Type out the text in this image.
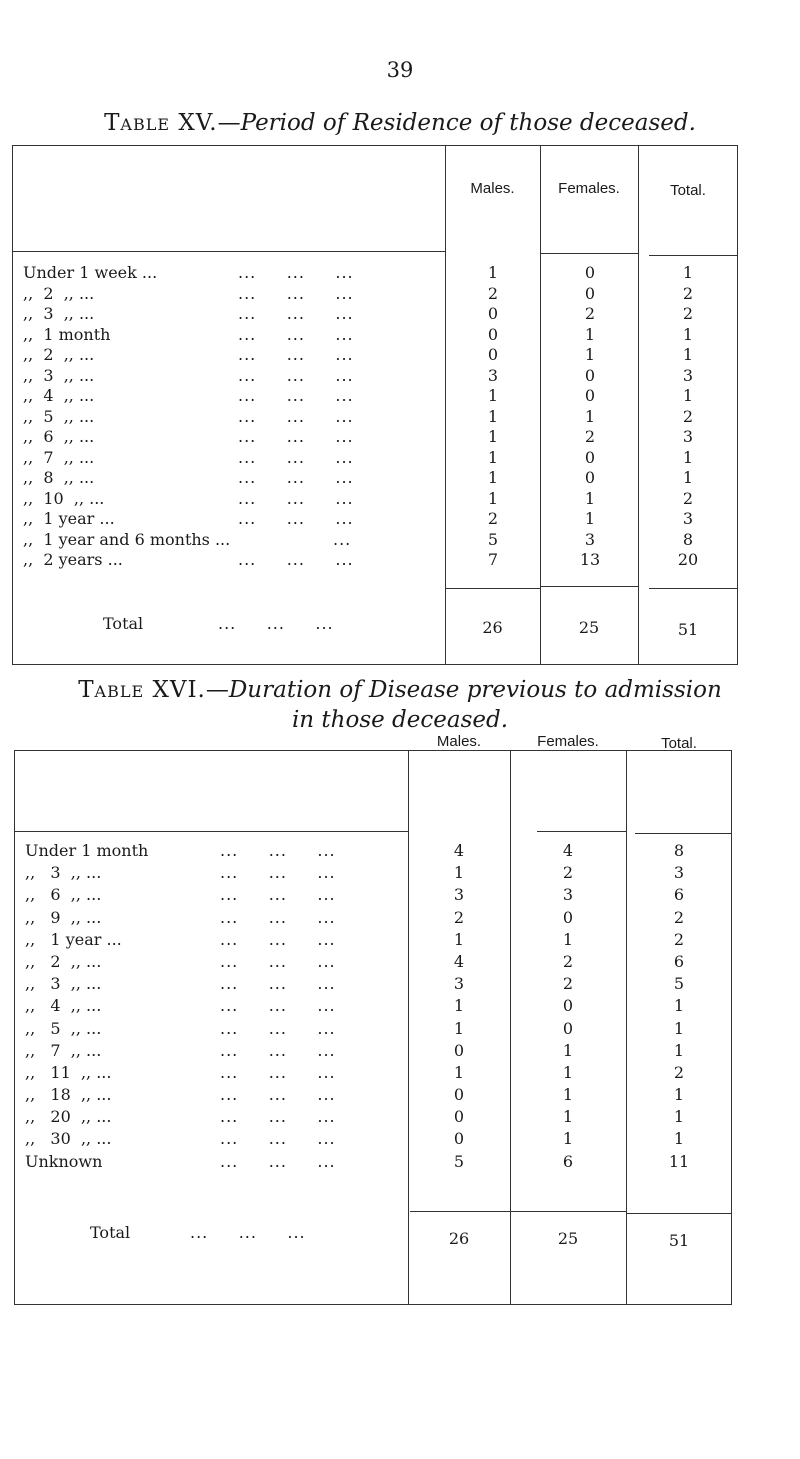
39
Table XV.—Period of Residence of those deceased.
Males.	Females.	Total.
Under 1 week ...	...     ...     ...	1	0	1
,,  2  ,, ...	...     ...     ...	2	0	2
,,  3  ,, ...	...     ...     ...	0	2	2
,,  1 month	...     ...     ...	0	1	1
,,  2  ,, ...	...     ...     ...	0	1	1
,,  3  ,, ...	...     ...     ...	3	0	3
,,  4  ,, ...	...     ...     ...	1	0	1
,,  5  ,, ...	...     ...     ...	1	1	2
,,  6  ,, ...	...     ...     ...	1	2	3
,,  7  ,, ...	...     ...     ...	1	0	1
,,  8  ,, ...	...     ...     ...	1	0	1
,,  10  ,, ...	...     ...     ...	1	1	2
,,  1 year ...	...     ...     ...	2	1	3
,,  1 year and 6 months ...	...	5	3	8
,,  2 years ...	...     ...     ...	7	13	20
Total	...     ...     ...	26	25	51
Table XVI.—Duration of Disease previous to admission
in those deceased.
Males.	Females.	Total.
Under 1 month	...     ...     ...	4	4	8
,,   3  ,, ...	...     ...     ...	1	2	3
,,   6  ,, ...	...     ...     ...	3	3	6
,,   9  ,, ...	...     ...     ...	2	0	2
,,   1 year ...	...     ...     ...	1	1	2
,,   2  ,, ...	...     ...     ...	4	2	6
,,   3  ,, ...	...     ...     ...	3	2	5
,,   4  ,, ...	...     ...     ...	1	0	1
,,   5  ,, ...	...     ...     ...	1	0	1
,,   7  ,, ...	...     ...     ...	0	1	1
,,   11  ,, ...	...     ...     ...	1	1	2
,,   18  ,, ...	...     ...     ...	0	1	1
,,   20  ,, ...	...     ...     ...	0	1	1
,,   30  ,, ...	...     ...     ...	0	1	1
Unknown	...     ...     ...	5	6	11
Total	...     ...     ...	26	25	51
